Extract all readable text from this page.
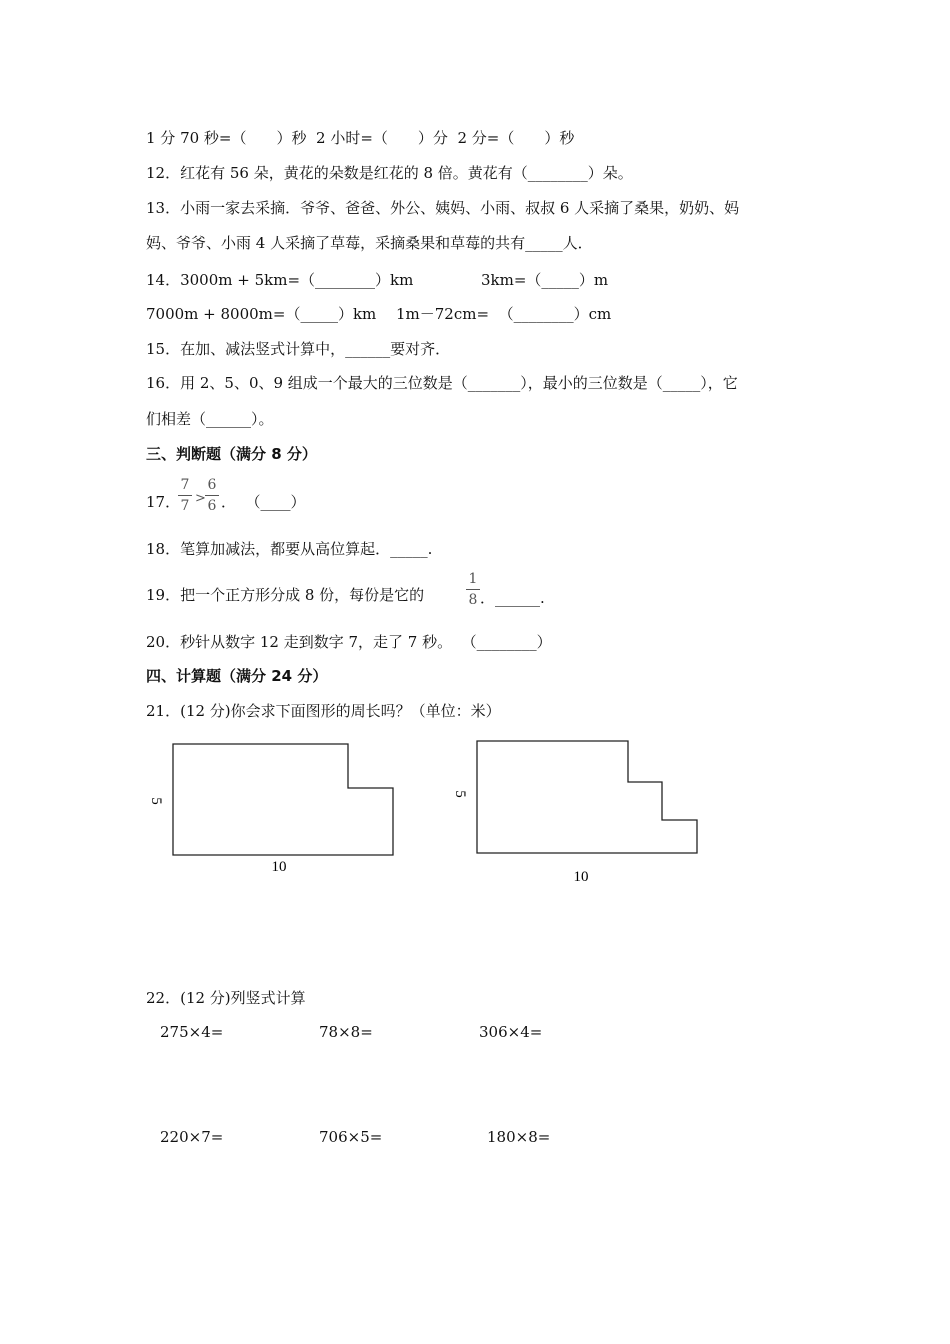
1 分 70 秒=（　　）秒  2 小时=（　　）分  2 分=（　　）秒
12．红花有 56 朵，黄花的朵数是红花的 8 倍。黄花有（________）朵。
13．小雨一家去采摘．爷爷、爸爸、外公、姨妈、小雨、叔叔 6 人采摘了桑果，奶奶、妈
妈、爷爷、小雨 4 人采摘了草莓，采摘桑果和草莓的共有_____人．
14．3000m + 5km=（________）km	3km=（_____）m
7000m + 8000m=（_____）km 1m－72cm=  （________）cm
15．在加、减法竖式计算中，______要对齐．
16．用 2、5、0、9 组成一个最大的三位数是（_______），最小的三位数是（_____），它
们相差（______）。
三、判断题（满分 8 分）
17．
7
7 >
6
6 ．  （____）
18．笔算加减法，都要从高位算起．_____.
19．把一个正方形分成 8 份，每份是它的
1
8 ．______.
20．秒针从数字 12 走到数字 7，走了 7 秒。  （________）
四、计算题（满分 24 分）
21．(12 分)你会求下面图形的周长吗？（单位：米）
5
10
5
10
22．(12 分)列竖式计算
275×4=	78×8=	306×4=
220×7=	706×5=	180×8=
